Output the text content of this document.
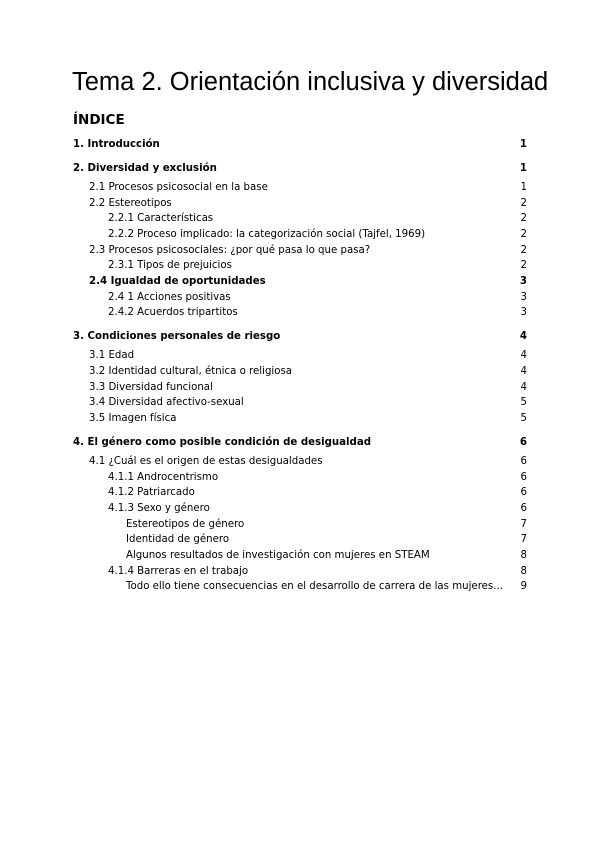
Tema 2. Orientación inclusiva y diversidad
ÍNDICE
1. Introducción	1
2. Diversidad y exclusión	1
2.1 Procesos psicosocial en la base	1
2.2 Estereotipos	2
2.2.1 Características	2
2.2.2 Proceso implicado: la categorización social (Tajfel, 1969)	2
2.3 Procesos psicosociales: ¿por qué pasa lo que pasa?	2
2.3.1 Tipos de prejuicios	2
2.4 Igualdad de oportunidades	3
2.4 1 Acciones positivas	3
2.4.2 Acuerdos tripartitos	3
3. Condiciones personales de riesgo	4
3.1 Edad	4
3.2 Identidad cultural, étnica o religiosa	4
3.3 Diversidad funcional	4
3.4 Diversidad afectivo-sexual	5
3.5 Imagen física	5
4. El género como posible condición de desigualdad	6
4.1 ¿Cuál es el origen de estas desigualdades	6
4.1.1 Androcentrismo	6
4.1.2 Patriarcado	6
4.1.3 Sexo y género	6
Estereotipos de género	7
Identidad de género	7
Algunos resultados de investigación con mujeres en STEAM	8
4.1.4 Barreras en el trabajo	8
Todo ello tiene consecuencias en el desarrollo de carrera de las mujeres...	9
